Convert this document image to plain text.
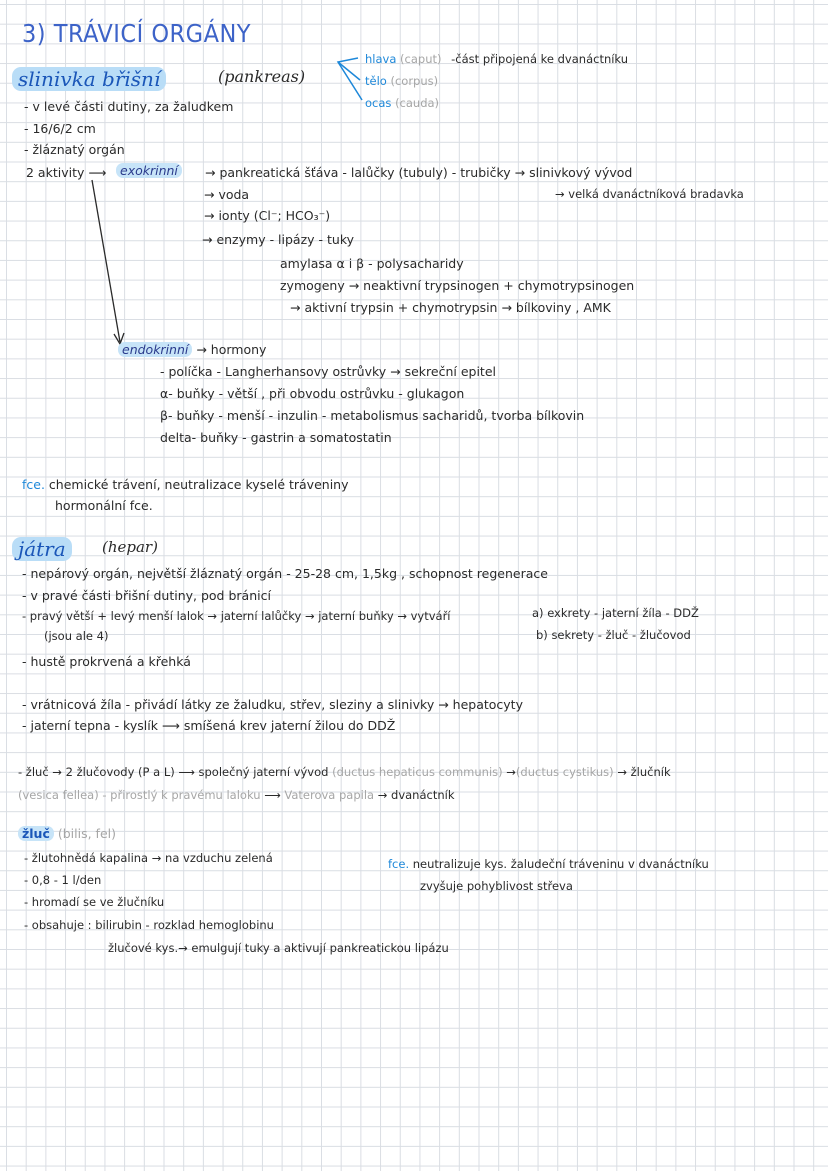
3) TRÁVICÍ ORGÁNY
slinivka břišní	(pankreas)
hlava (caput) -část připojená ke dvanáctníku
tělo (corpus)
ocas (cauda)
- v levé části dutiny, za žaludkem
- 16/6/2 cm
- žláznatý orgán
2 aktivity ⟶	exokrinní	→ pankreatická šťáva - lalůčky (tubuly) - trubičky → slinivkový vývod
→ velká dvanáctníková bradavka
→ voda
→ ionty (Cl⁻; HCO₃⁻)
→ enzymy - lipázy - tuky
amylasa α i β - polysacharidy
zymogeny → neaktivní trypsinogen + chymotrypsinogen
→ aktivní trypsin + chymotrypsin → bílkoviny , AMK
endokrinní → hormony
- políčka - Langherhansovy ostrůvky → sekreční epitel
α- buňky - větší , při obvodu ostrůvku - glukagon
β- buňky - menší - inzulin - metabolismus sacharidů, tvorba bílkovin
delta- buňky - gastrin a somatostatin
fce. chemické trávení, neutralizace kyselé tráveniny
hormonální fce.
játra	(hepar)
- nepárový orgán, největší žláznatý orgán - 25-28 cm, 1,5kg , schopnost regenerace
- v pravé části břišní dutiny, pod bránicí
- pravý větší + levý menší lalok → jaterní lalůčky → jaterní buňky → vytváří	a) exkrety - jaterní žíla - DDŽ
(jsou ale 4)	b) sekrety - žluč - žlučovod
- hustě prokrvená a křehká
- vrátnicová žíla - přivádí látky ze žaludku, střev, sleziny a slinivky → hepatocyty
- jaterní tepna - kyslík ⟶ smíšená krev jaterní žilou do DDŽ
- žluč → 2 žlučovody (P a L) ⟶ společný jaterní vývod (ductus hepaticus communis) →(ductus cystikus) → žlučník
(vesica fellea) - přirostlý k pravému laloku ⟶ Vaterova papila → dvanáctník
žluč (bilis, fel)
- žlutohnědá kapalina → na vzduchu zelená
- 0,8 - 1 l/den
- hromadí se ve žlučníku
- obsahuje : bilirubin - rozklad hemoglobinu
žlučové kys.→ emulgují tuky a aktivují pankreatickou lipázu
fce. neutralizuje kys. žaludeční tráveninu v dvanáctníku
zvyšuje pohyblivost střeva
